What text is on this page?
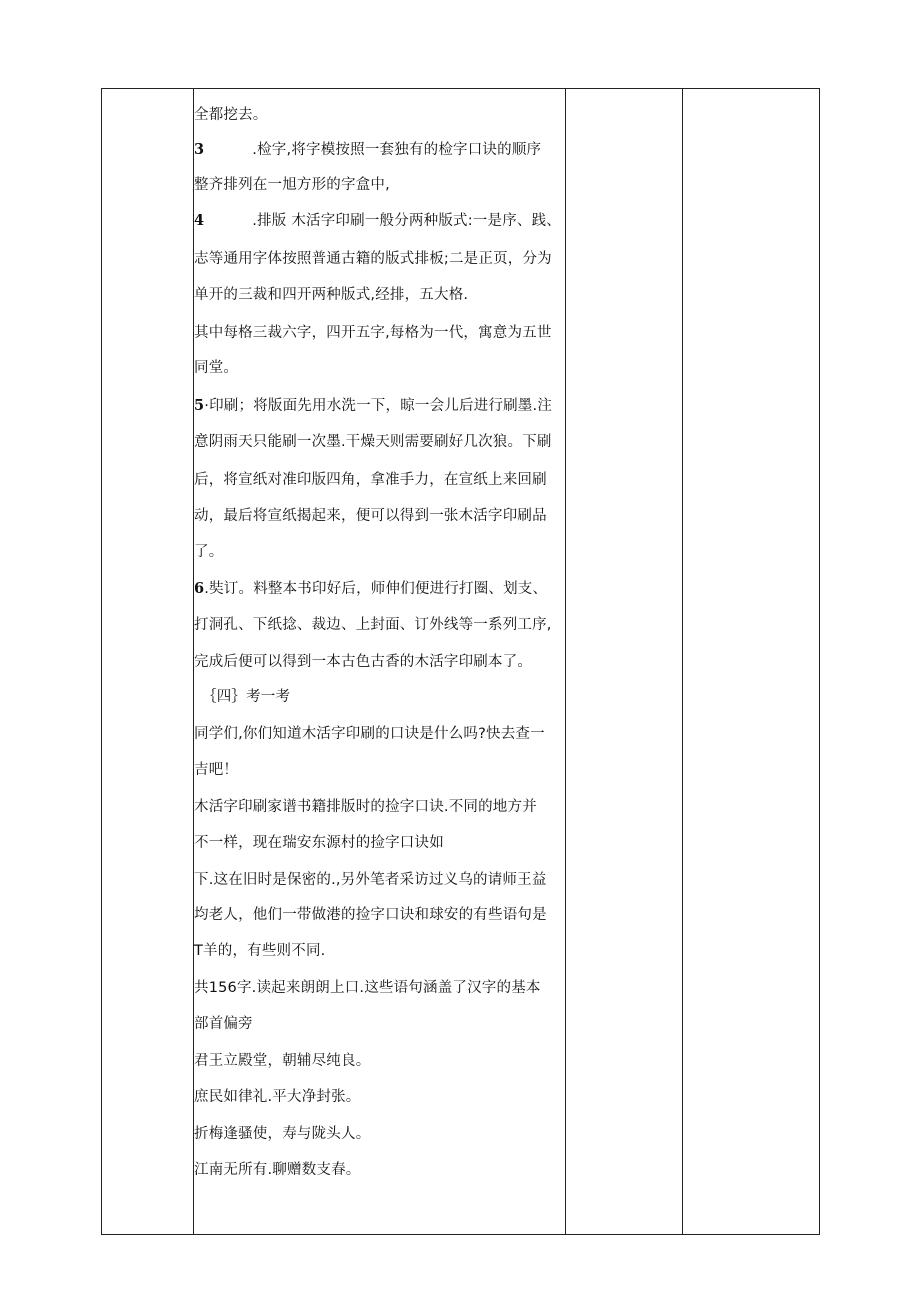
全都挖去。
3	.检字,将字模按照一套独有的检字口诀的顺序
整齐排列在一旭方形的字盒中,
4	.排版 木活字印刷一般分两种版式:一是序、践、
志等通用字体按照普通古籍的版式排板;二是正页，分为
单开的三裁和四开两种版式,经排，五大格.
其中每格三裁六字，四开五字,每格为一代，寓意为五世
同堂。
5·印刷；将版面先用水洗一下，晾一会儿后进行刷墨.注
意阴雨天只能刷一次墨.干燥天则需要刷好几次狼。下刷
后，将宣纸对准印版四角，拿准手力，在宣纸上来回刷
动，最后将宣纸揭起来，便可以得到一张木活字印刷品
了。
6.奘订。料整本书印好后，师伸们便进行打圈、划支、
打洞孔、下纸捻、裁边、上封面、订外线等一系列工序,
完成后便可以得到一本古色古香的木活字印刷本了。
｛四｝考一考
同学们,你们知道木活字印刷的口诀是什么吗?快去查一
吉吧！
木活字印刷家谱书籍排版时的捡字口诀.不同的地方并
不一样，现在瑞安东源村的捡字口诀如
下.这在旧时是保密的.,另外笔者采访过义乌的请师王益
均老人，他们一带做港的捡字口诀和球安的有些语句是
T羊的，有些则不同.
共156字.读起来朗朗上口.这些语句涵盖了汉字的基本
部首偏旁
君王立殿堂，朝辅尽纯良。
庶民如律礼.平大净封张。
折梅逢骚使，寿与陇头人。
江南无所有.聊赠数支春。
